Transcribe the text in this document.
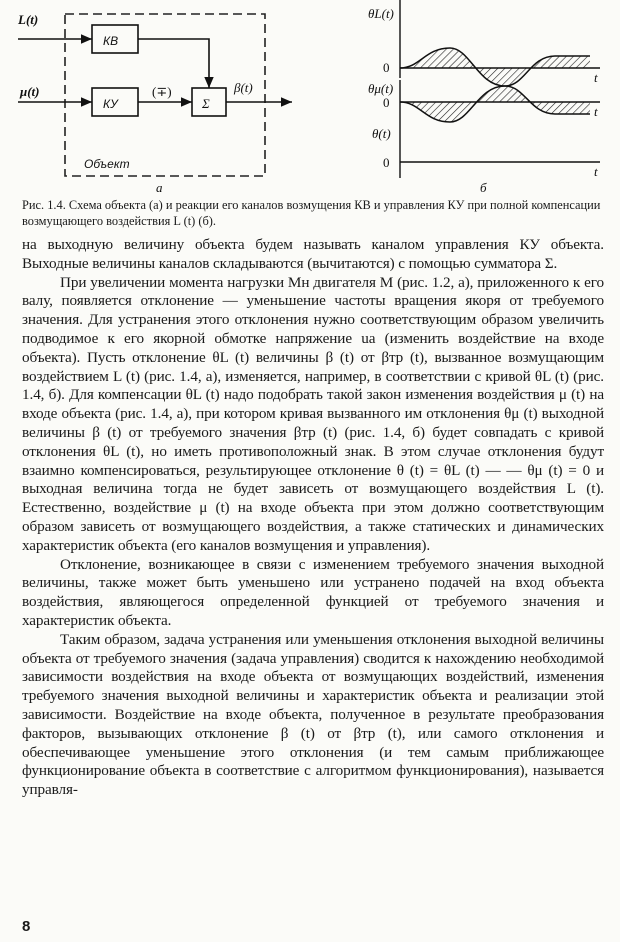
КВ
КУ	Σ
L(t)
μ(t)	(∓)	β(t)
Объект
а
θL(t)
0
t
θμ(t)
0
t
θ(t)
0
t
б
Рис. 1.4. Схема объекта (а) и реакции его каналов возмущения КВ и управления КУ при полной компенсации возмущающего воздействия L (t) (б).

на выходную величину объекта будем называть каналом управления КУ объекта. Выходные величины каналов складываются (вычитаются) с помощью сумматора Σ.

При увеличении момента нагрузки Mн двигателя M (рис. 1.2, а), приложенного к его валу, появляется отклонение — уменьшение частоты вращения якоря от требуемого значения. Для устранения этого отклонения нужно соответствующим образом увеличить подводимое к его якорной обмотке напряжение uа (изменить воздействие на входе объекта). Пусть отклонение θL (t) величины β (t) от βтр (t), вызванное возмущающим воздействием L (t) (рис. 1.4, а), изменяется, например, в соответствии с кривой θL (t) (рис. 1.4, б). Для компенсации θL (t) надо подобрать такой закон изменения воздействия μ (t) на входе объекта (рис. 1.4, а), при котором кривая вызванного им отклонения θμ (t) выходной величины β (t) от требуемого значения βтр (t) (рис. 1.4, б) будет совпадать с кривой отклонения θL (t), но иметь противоположный знак. В этом случае отклонения будут взаимно компенсироваться, результирующее отклонение θ (t) = θL (t) — — θμ (t) = 0 и выходная величина тогда не будет зависеть от возмущающего воздействия L (t). Естественно, воздействие μ (t) на входе объекта при этом должно соответствующим образом зависеть от возмущающего воздействия, а также статических и динамических характеристик объекта (его каналов возмущения и управления).

Отклонение, возникающее в связи с изменением требуемого значения выходной величины, также может быть уменьшено или устранено подачей на вход объекта воздействия, являющегося определенной функцией от требуемого значения и характеристик объекта.

Таким образом, задача устранения или уменьшения отклонения выходной величины объекта от требуемого значения (задача управления) сводится к нахождению необходимой зависимости воздействия на входе объекта от возмущающих воздействий, изменения требуемого значения выходной величины и характеристик объекта и реализации этой зависимости. Воздействие на входе объекта, полученное в результате преобразования факторов, вызывающих отклонение β (t) от βтр (t), или самого отклонения и обеспечивающее уменьшение этого отклонения (и тем самым приближающее функционирование объекта в соответствие с алгоритмом функционирования), называется управля-

8
